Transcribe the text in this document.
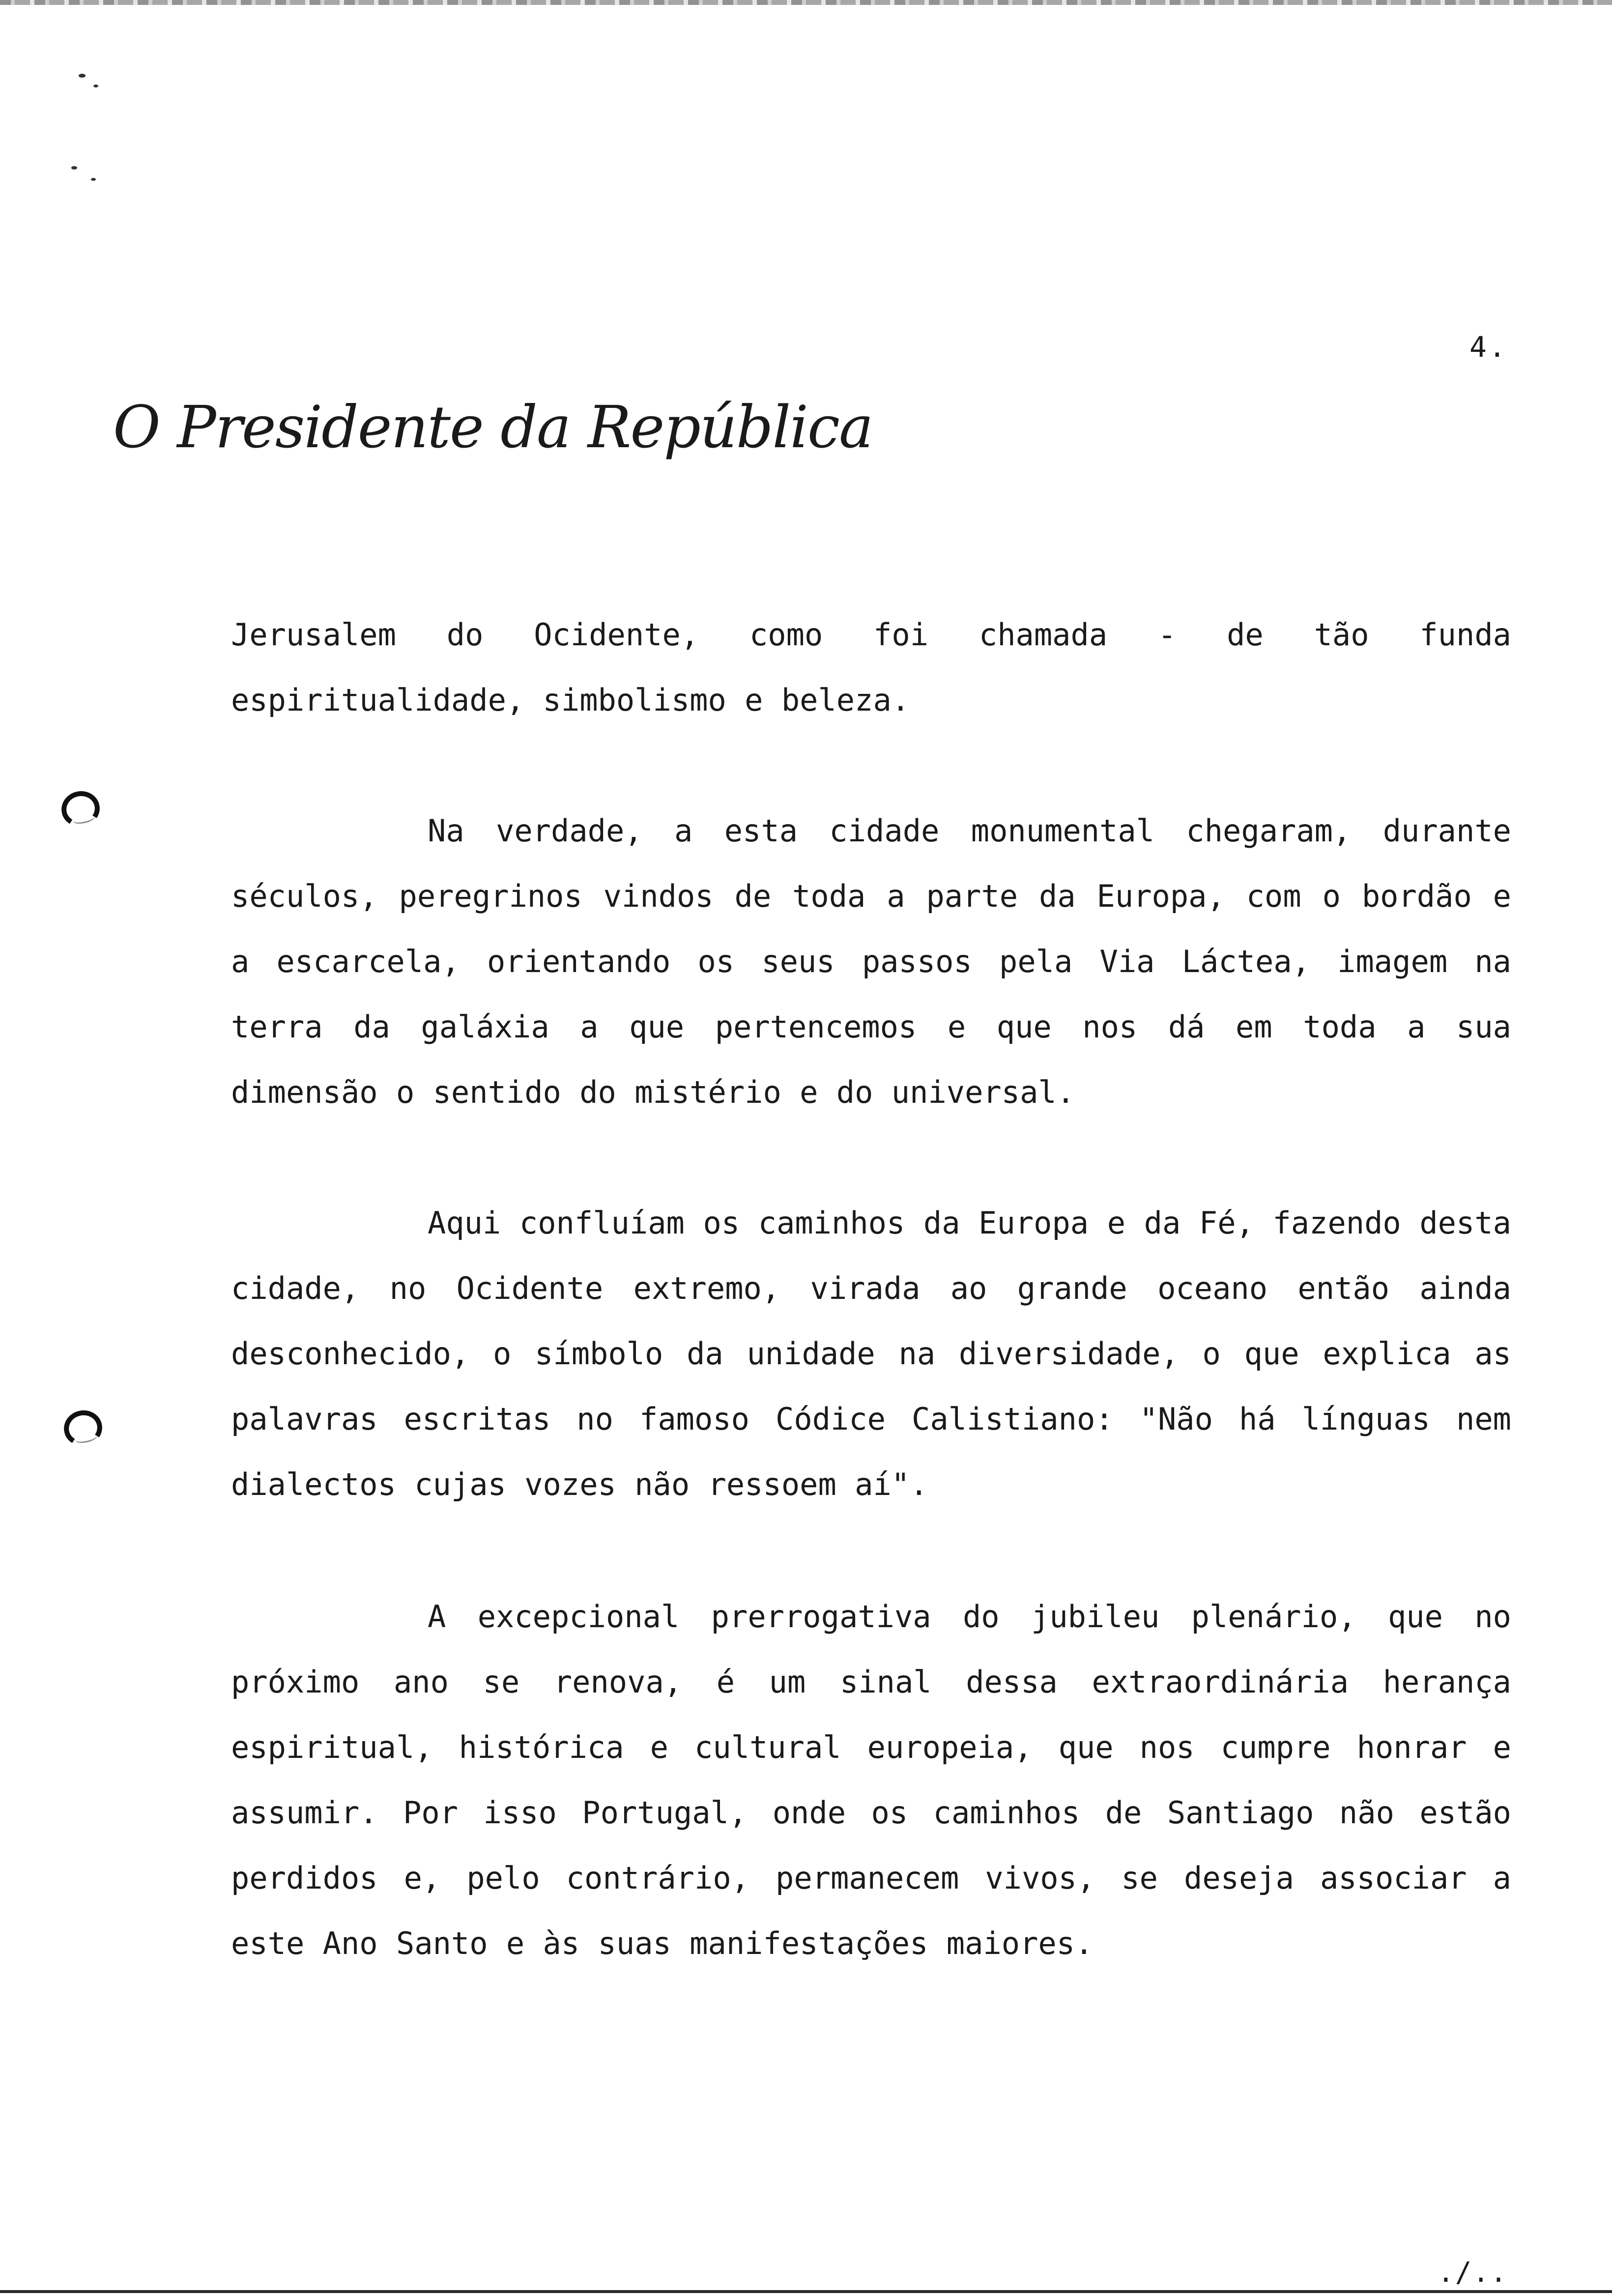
4.
O Presidente da República

Jerusalem do Ocidente, como foi chamada - de tão funda espiritualidade, simbolismo e beleza.

Na verdade, a esta cidade monumental chegaram, durante séculos, peregrinos vindos de toda a parte da Europa, com o bordão e a escarcela, orientando os seus passos pela Via Láctea, imagem na terra da galáxia a que pertencemos e que nos dá em toda a sua dimensão o sentido do mistério e do universal.

Aqui confluíam os caminhos da Europa e da Fé, fazendo desta cidade, no Ocidente extremo, virada ao grande oceano então ainda desconhecido, o símbolo da unidade na diversidade, o que explica as palavras escritas no famoso Códice Calistiano: "Não há línguas nem dialectos cujas vozes não ressoem aí".

A excepcional prerrogativa do jubileu plenário, que no próximo ano se renova, é um sinal dessa extraordinária herança espiritual, histórica e cultural europeia, que nos cumpre honrar e assumir. Por isso Portugal, onde os caminhos de Santiago não estão perdidos e, pelo contrário, permanecem vivos, se deseja associar a este Ano Santo e às suas manifestações maiores.

./..
